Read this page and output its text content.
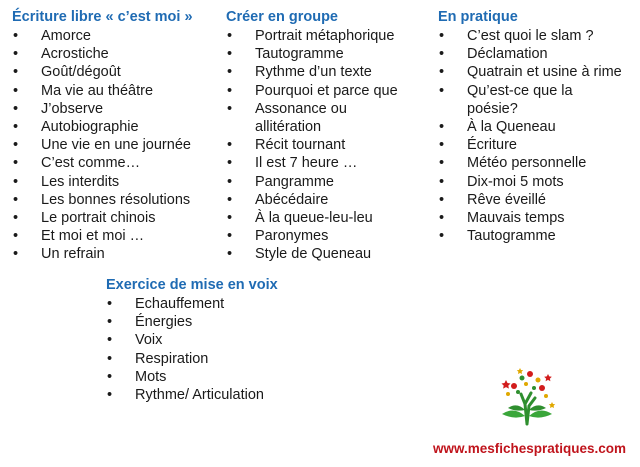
Écriture libre « c’est moi »
• Amorce
• Acrostiche
• Goût/dégoût
• Ma vie au théâtre
• J’observe
• Autobiographie
• Une vie en une journée
• C’est comme…
• Les interdits
• Les bonnes résolutions
• Le portrait chinois
• Et moi et moi …
• Un refrain
Créer en groupe
• Portrait métaphorique
• Tautogramme
• Rythme d’un texte
• Pourquoi et parce que
• Assonance ou allitération
• Récit tournant
• Il est 7 heure …
• Pangramme
• Abécédaire
• À la queue-leu-leu
• Paronymes
• Style de Queneau
En pratique
• C’est quoi le slam ?
• Déclamation
• Quatrain et usine à rime
• Qu’est-ce que la poésie?
• À la Queneau
• Écriture
• Météo personnelle
• Dix-moi 5 mots
• Rêve éveillé
• Mauvais temps
• Tautogramme
Exercice de mise en voix
• Echauffement
• Énergies
• Voix
• Respiration
• Mots
• Rythme/ Articulation
www.mesfichespratiques.com
